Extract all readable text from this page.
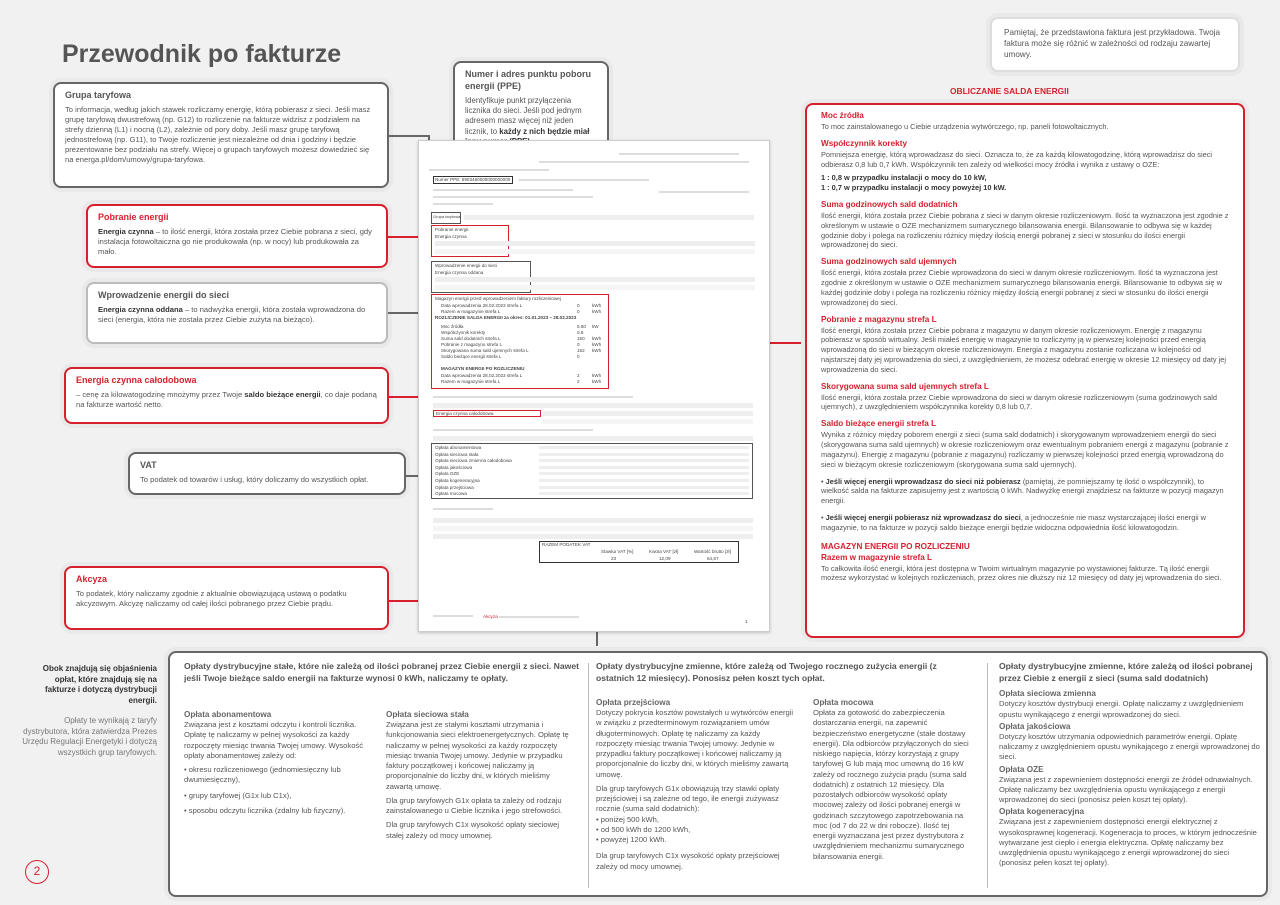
Przewodnik po fakturze

Pamiętaj, że przedstawiona faktura jest przykładowa. Twoja faktura może się różnić w zależności od rodzaju zawartej umowy.

Grupa taryfowa

To informacja, według jakich stawek rozliczamy energię, którą pobierasz z sieci. Jeśli masz grupę taryfową dwustrefową (np. G12) to rozliczenie na fakturze widzisz z podziałem na strefy dzienną (L1) i nocną (L2), zależnie od pory doby. Jeśli masz grupę taryfową jednostrefową (np. G11), to Twoje rozliczenie jest niezależne od dnia i godziny i będzie prezentowane bez podziału na strefy. Więcej o grupach taryfowych możesz dowiedzieć się na energa.pl/dom/umowy/grupa-taryfowa.

Numer i adres punktu poboru energii (PPE)

Identyfikuje punkt przyłączenia licznika do sieci. Jeśli pod jednym adresem masz więcej niż jeden licznik, to każdy z nich będzie miał

Pobranie energii

Energia czynna – to ilość energii, która została przez Ciebie pobrana z sieci, gdy instalacja fotowoltaiczna go nie produkowała (np. w nocy) lub produkowała za mało.

Wprowadzenie energii do sieci

Energia czynna oddana – to nadwyżka energii, która została wprowadzona do sieci (energia, która nie została przez Ciebie zużyta na bieżąco).

Energia czynna całodobowa

– cenę za kilowatogodzinę mnożymy przez Twoje saldo bieżące energii, co daje podaną na fakturze wartość netto.

VAT

To podatek od towarów i usług, który doliczamy do wszystkich opłat.

Akcyza

To podatek, który naliczamy zgodnie z aktualnie obowiązującą ustawą o podatku akcyzowym. Akcyzę naliczamy od całej ilości pobranego przez Ciebie prądu.

Numer PPE: 5903460000000000000
Grupa taryfowa
Pobranie energii
Energia czynna
Wprowadzenie energii do sieci
Energia czynna oddana
Magazyn energii przed wprowadzeniem faktury rozliczeniowej
ROZLICZENIE SALDA ENERGII za okres: 01.01.2023 – 28.02.2023
Data wprowadzenia 28.02.2023 strefa L	0	kWh
Razem w magazynie strefa L	0	kWh
Moc źródła	5.60 kW
Współczynnik korekty	0.8
Suma sald dodatnich strefa L	150 kWh
Pobranie z magazynu strefa L	0	kWh
Skorygowana suma sald ujemnych strefa L	152 kWh
Saldo bieżące energii strefa L	0
Data wprowadzenia 28.02.2023 strefa L	2	kWh
Razem w magazynie strefa L	2	kWh
MAGAZYN ENERGII PO ROZLICZENIU
Energia czynna całodobowa
Opłata abonamentowa
Opłata sieciowa stała
Opłata sieciowa zmienna całodobowa
Opłata jakościowa
Opłata OZE
Opłata kogeneracyjna
Opłata przejściowa
Opłata mocowa
RAZEM PODATEK VAT
Stawka VAT [%]	Kwota VAT [zł]	Wartość brutto [zł]
23	12,09	64,67
Akcyza
1
OBLICZANIE SALDA ENERGII
Moc źródła

To moc zainstalowanego u Ciebie urządzenia wytwórczego, np. paneli fotowoltaicznych.

Współczynnik korekty

Pomniejsza energię, którą wprowadzasz do sieci. Oznacza to, że za każdą kilowatogodzinę, którą wprowadzisz do sieci odbierasz 0,8 lub 0,7 kWh. Współczynnik ten zależy od wielkości mocy źródła i wynika z ustawy o OZE:

1 : 0,8 w przypadku instalacji o mocy do 10 kW,

1 : 0,7 w przypadku instalacji o mocy powyżej 10 kW.

Suma godzinowych sald dodatnich

Ilość energii, która została przez Ciebie pobrana z sieci w danym okresie rozliczeniowym. Ilość ta wyznaczona jest zgodnie z określonym w ustawie o OZE mechanizmem sumarycznego bilansowania energii. Bilansowanie to odbywa się w każdej godzinie doby i polega na rozliczeniu różnicy między ilością energii pobranej z sieci w stosunku do ilości energii wprowadzonej do sieci.

Suma godzinowych sald ujemnych

Ilość energii, która została przez Ciebie wprowadzona do sieci w danym okresie rozliczeniowym. Ilość ta wyznaczona jest zgodnie z określonym w ustawie o OZE mechanizmem sumarycznego bilansowania energii. Bilansowanie to odbywa się w każdej godzinie doby i polega na rozliczeniu różnicy między ilością energii pobranej z sieci w stosunku do ilości energii wprowadzonej do sieci.

Pobranie z magazynu strefa L

Ilość energii, która została przez Ciebie pobrana z magazynu w danym okresie rozliczeniowym. Energię z magazynu pobierasz w sposób wirtualny. Jeśli miałeś energię w magazynie to rozliczymy ją w pierwszej kolejności przed energią wprowadzoną do sieci w bieżącym okresie rozliczeniowym. Energia z magazynu zostanie rozliczana w kolejności od najstarszej daty jej wprowadzenia do sieci, z uwzględnieniem, że możesz odebrać energię w okresie 12 miesięcy od daty jej wprowadzenia do sieci.

Skorygowana suma sald ujemnych strefa L

Ilość energii, która została przez Ciebie wprowadzona do sieci w danym okresie rozliczeniowym (suma godzinowych sald ujemnych), z uwzględnieniem współczynnika korekty 0,8 lub 0,7.

Saldo bieżące energii strefa L

Wynika z różnicy między poborem energii z sieci (suma sald dodatnich) i skorygowanym wprowadzeniem energii do sieci (skorygowana suma sald ujemnych) w okresie rozliczeniowym oraz ewentualnym pobraniem energii z magazynu (pobranie z magazynu). Energię z magazynu (pobranie z magazynu) rozliczamy w pierwszej kolejności przed energią wprowadzoną do sieci w bieżącym okresie rozliczeniowym (skorygowana suma sald ujemnych).

• Jeśli więcej energii wprowadzasz do sieci niż pobierasz (pamiętaj, że pomniejszamy tę ilość o współczynnik), to wielkość salda na fakturze zapisujemy jest z wartością 0 kWh. Nadwyżkę energii znajdziesz na fakturze w pozycji magazyn energii.

• Jeśli więcej energii pobierasz niż wprowadzasz do sieci, a jednocześnie nie masz wystarczającej ilości energii w magazynie, to na fakturze w pozycji saldo bieżące energii będzie widoczna odpowiednia ilość kilowatogodzin.

MAGAZYN ENERGII PO ROZLICZENIU
Razem w magazynie strefa L

To całkowita ilość energii, która jest dostępna w Twoim wirtualnym magazynie po wystawionej fakturze. Tą ilość energii możesz wykorzystać w kolejnych rozliczeniach, przez okres nie dłuższy niż 12 miesięcy od daty jej wprowadzenia do sieci.

Obok znajdują się objaśnienia opłat, które znajdują się na fakturze i dotyczą dystrybucji energii.

Opłaty te wynikają z taryfy dystrybutora, która zatwierdza Prezes Urzędu Regulacji Energetyki i dotyczą wszystkich grup taryfowych.

2
Opłaty dystrybucyjne stałe, które nie zależą od ilości pobranej przez Ciebie energii z sieci. Nawet jeśli Twoje bieżące saldo energii na fakturze wynosi 0 kWh, naliczamy te opłaty.

Opłata abonamentowa

Związana jest z kosztami odczytu i kontroli licznika. Opłatę tę naliczamy w pełnej wysokości za każdy rozpoczęty miesiąc trwania Twojej umowy. Wysokość opłaty abonamentowej zależy od:

• okresu rozliczeniowego (jednomiesięczny lub dwumiesięczny),
• grupy taryfowej (G1x lub C1x),
• sposobu odczytu licznika (zdalny lub fizyczny).

Opłata sieciowa stała

Związana jest ze stałymi kosztami utrzymania i funkcjonowania sieci elektroenergetycznych. Opłatę tę naliczamy w pełnej wysokości za każdy rozpoczęty miesiąc trwania Twojej umowy. Jedynie w przypadku faktury początkowej i końcowej naliczamy ją proporcjonalnie do liczby dni, w których mieliśmy zawartą umowę.

Dla grup taryfowych G1x opłata ta zależy od rodzaju zainstalowanego u Ciebie licznika i jego strefowości.

Dla grup taryfowych C1x wysokość opłaty sieciowej stałej zależy od mocy umownej.

Opłaty dystrybucyjne zmienne, które zależą od Twojego rocznego zużycia energii (z ostatnich 12 miesięcy). Ponosisz pełen koszt tych opłat.

Opłata przejściowa

Dotyczy pokrycia kosztów powstałych u wytwórców energii w związku z przedterminowym rozwiązaniem umów długoterminowych. Opłatę tę naliczamy za każdy rozpoczęty miesiąc trwania Twojej umowy. Jedynie w przypadku faktury początkowej i końcowej naliczamy ją proporcjonalnie do liczby dni, w których mieliśmy zawartą umowę.

Dla grup taryfowych G1x obowiązują trzy stawki opłaty przejściowej i są zależne od tego, ile energii zużywasz rocznie (suma sald dodatnich):

• poniżej 500 kWh,
• od 500 kWh do 1200 kWh,
• powyżej 1200 kWh.

Dla grup taryfowych C1x wysokość opłaty przejściowej zależy od mocy umownej.

Opłata mocowa

Opłata za gotowość do zabezpieczenia dostarczania energii, na zapewnić bezpieczeństwo energetyczne (stałe dostawy energii). Dla odbiorców przyłączonych do sieci niskiego napięcia, którzy korzystają z grupy taryfowej G lub mają moc umowną do 16 kW zależy od rocznego zużycia prądu (suma sald dodatnich) z ostatnich 12 miesięcy. Dla pozostałych odbiorców wysokość opłaty mocowej zależy od ilości pobranej energii w godzinach szczytowego zapotrzebowania na moc (od 7 do 22 w dni robocze). Ilość tej energii wyznaczana jest przez dystrybutora z uwzględnieniem mechanizmu sumarycznego bilansowania energii.

Opłaty dystrybucyjne zmienne, które zależą od ilości pobranej przez Ciebie z energii z sieci (suma sald dodatnich)

Opłata sieciowa zmienna

Dotyczy kosztów dystrybucji energii. Opłatę naliczamy z uwzględnieniem opustu wynikającego z energii wprowadzonej do sieci.

Opłata jakościowa

Dotyczy kosztów utrzymania odpowiednich parametrów energii. Opłatę naliczamy z uwzględnieniem opustu wynikającego z energii wprowadzonej do sieci.

Opłata OZE

Związana jest z zapewnieniem dostępności energii ze źródeł odnawialnych. Opłatę naliczamy bez uwzględnienia opustu wynikającego z energii wprowadzonej do sieci (ponosisz pełen koszt tej opłaty).

Opłata kogeneracyjna

Związana jest z zapewnieniem dostępności energii elektrycznej z wysokosprawnej kogeneracji. Kogeneracja to proces, w którym jednocześnie wytwarzane jest ciepło i energia elektryczna. Opłatę naliczamy bez uwzględnienia opustu wynikającego z energii wprowadzonej do sieci (ponosisz pełen koszt tej opłaty).
